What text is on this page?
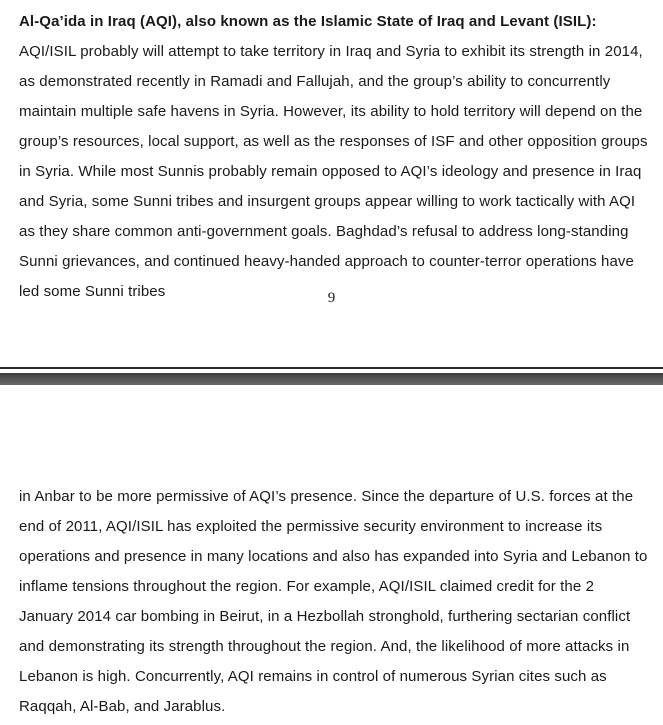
Al-Qa’ida in Iraq (AQI), also known as the Islamic State of Iraq and Levant (ISIL): AQI/ISIL probably will attempt to take territory in Iraq and Syria to exhibit its strength in 2014, as demonstrated recently in Ramadi and Fallujah, and the group’s ability to concurrently maintain multiple safe havens in Syria. However, its ability to hold territory will depend on the group’s resources, local support, as well as the responses of ISF and other opposition groups in Syria. While most Sunnis probably remain opposed to AQI’s ideology and presence in Iraq and Syria, some Sunni tribes and insurgent groups appear willing to work tactically with AQI as they share common anti-government goals. Baghdad’s refusal to address long-standing Sunni grievances, and continued heavy-handed approach to counter-terror operations have led some Sunni tribes	9

in Anbar to be more permissive of AQI’s presence. Since the departure of U.S. forces at the end of 2011, AQI/ISIL has exploited the permissive security environment to increase its operations and presence in many locations and also has expanded into Syria and Lebanon to inflame tensions throughout the region. For example, AQI/ISIL claimed credit for the 2 January 2014 car bombing in Beirut, in a Hezbollah stronghold, furthering sectarian conflict and demonstrating its strength throughout the region. And, the likelihood of more attacks in Lebanon is high. Concurrently, AQI remains in control of numerous Syrian cites such as Raqqah, Al-Bab, and Jarablus.
